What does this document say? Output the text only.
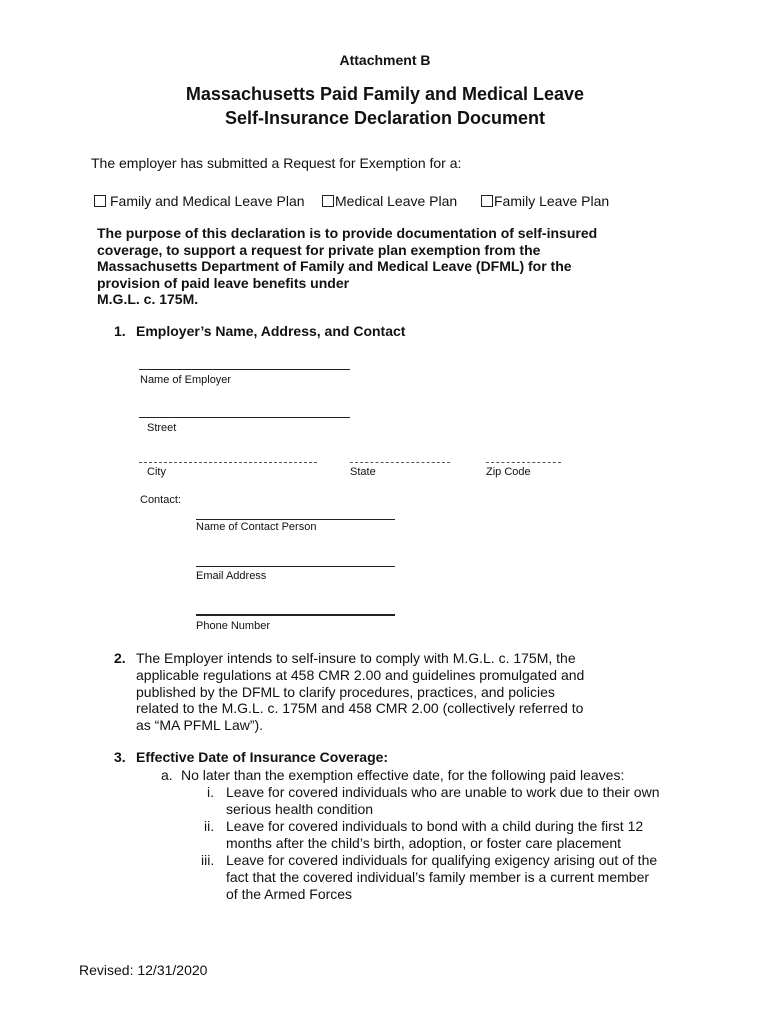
Attachment B
Massachusetts Paid Family and Medical Leave
Self-Insurance Declaration Document
The employer has submitted a Request for Exemption for a:
Family and Medical Leave Plan	Medical Leave Plan	Family Leave Plan
The purpose of this declaration is to provide documentation of self-insured
coverage, to support a request for private plan exemption from the
Massachusetts Department of Family and Medical Leave (DFML) for the
provision of paid leave benefits under
M.G.L. c. 175M.
1. Employer’s Name, Address, and Contact
Name of Employer
Street
City	State	Zip Code
Contact:
Name of Contact Person
Email Address
Phone Number
2. The Employer intends to self-insure to comply with M.G.L. c. 175M, the
applicable regulations at 458 CMR 2.00 and guidelines promulgated and
published by the DFML to clarify procedures, practices, and policies
related to the M.G.L. c. 175M and 458 CMR 2.00 (collectively referred to
as “MA PFML Law”).
3. Effective Date of Insurance Coverage:
a. No later than the exemption effective date, for the following paid leaves:
i. Leave for covered individuals who are unable to work due to their own
serious health condition
ii. Leave for covered individuals to bond with a child during the first 12
months after the child’s birth, adoption, or foster care placement
iii. Leave for covered individuals for qualifying exigency arising out of the
fact that the covered individual’s family member is a current member
of the Armed Forces
Revised: 12/31/2020
